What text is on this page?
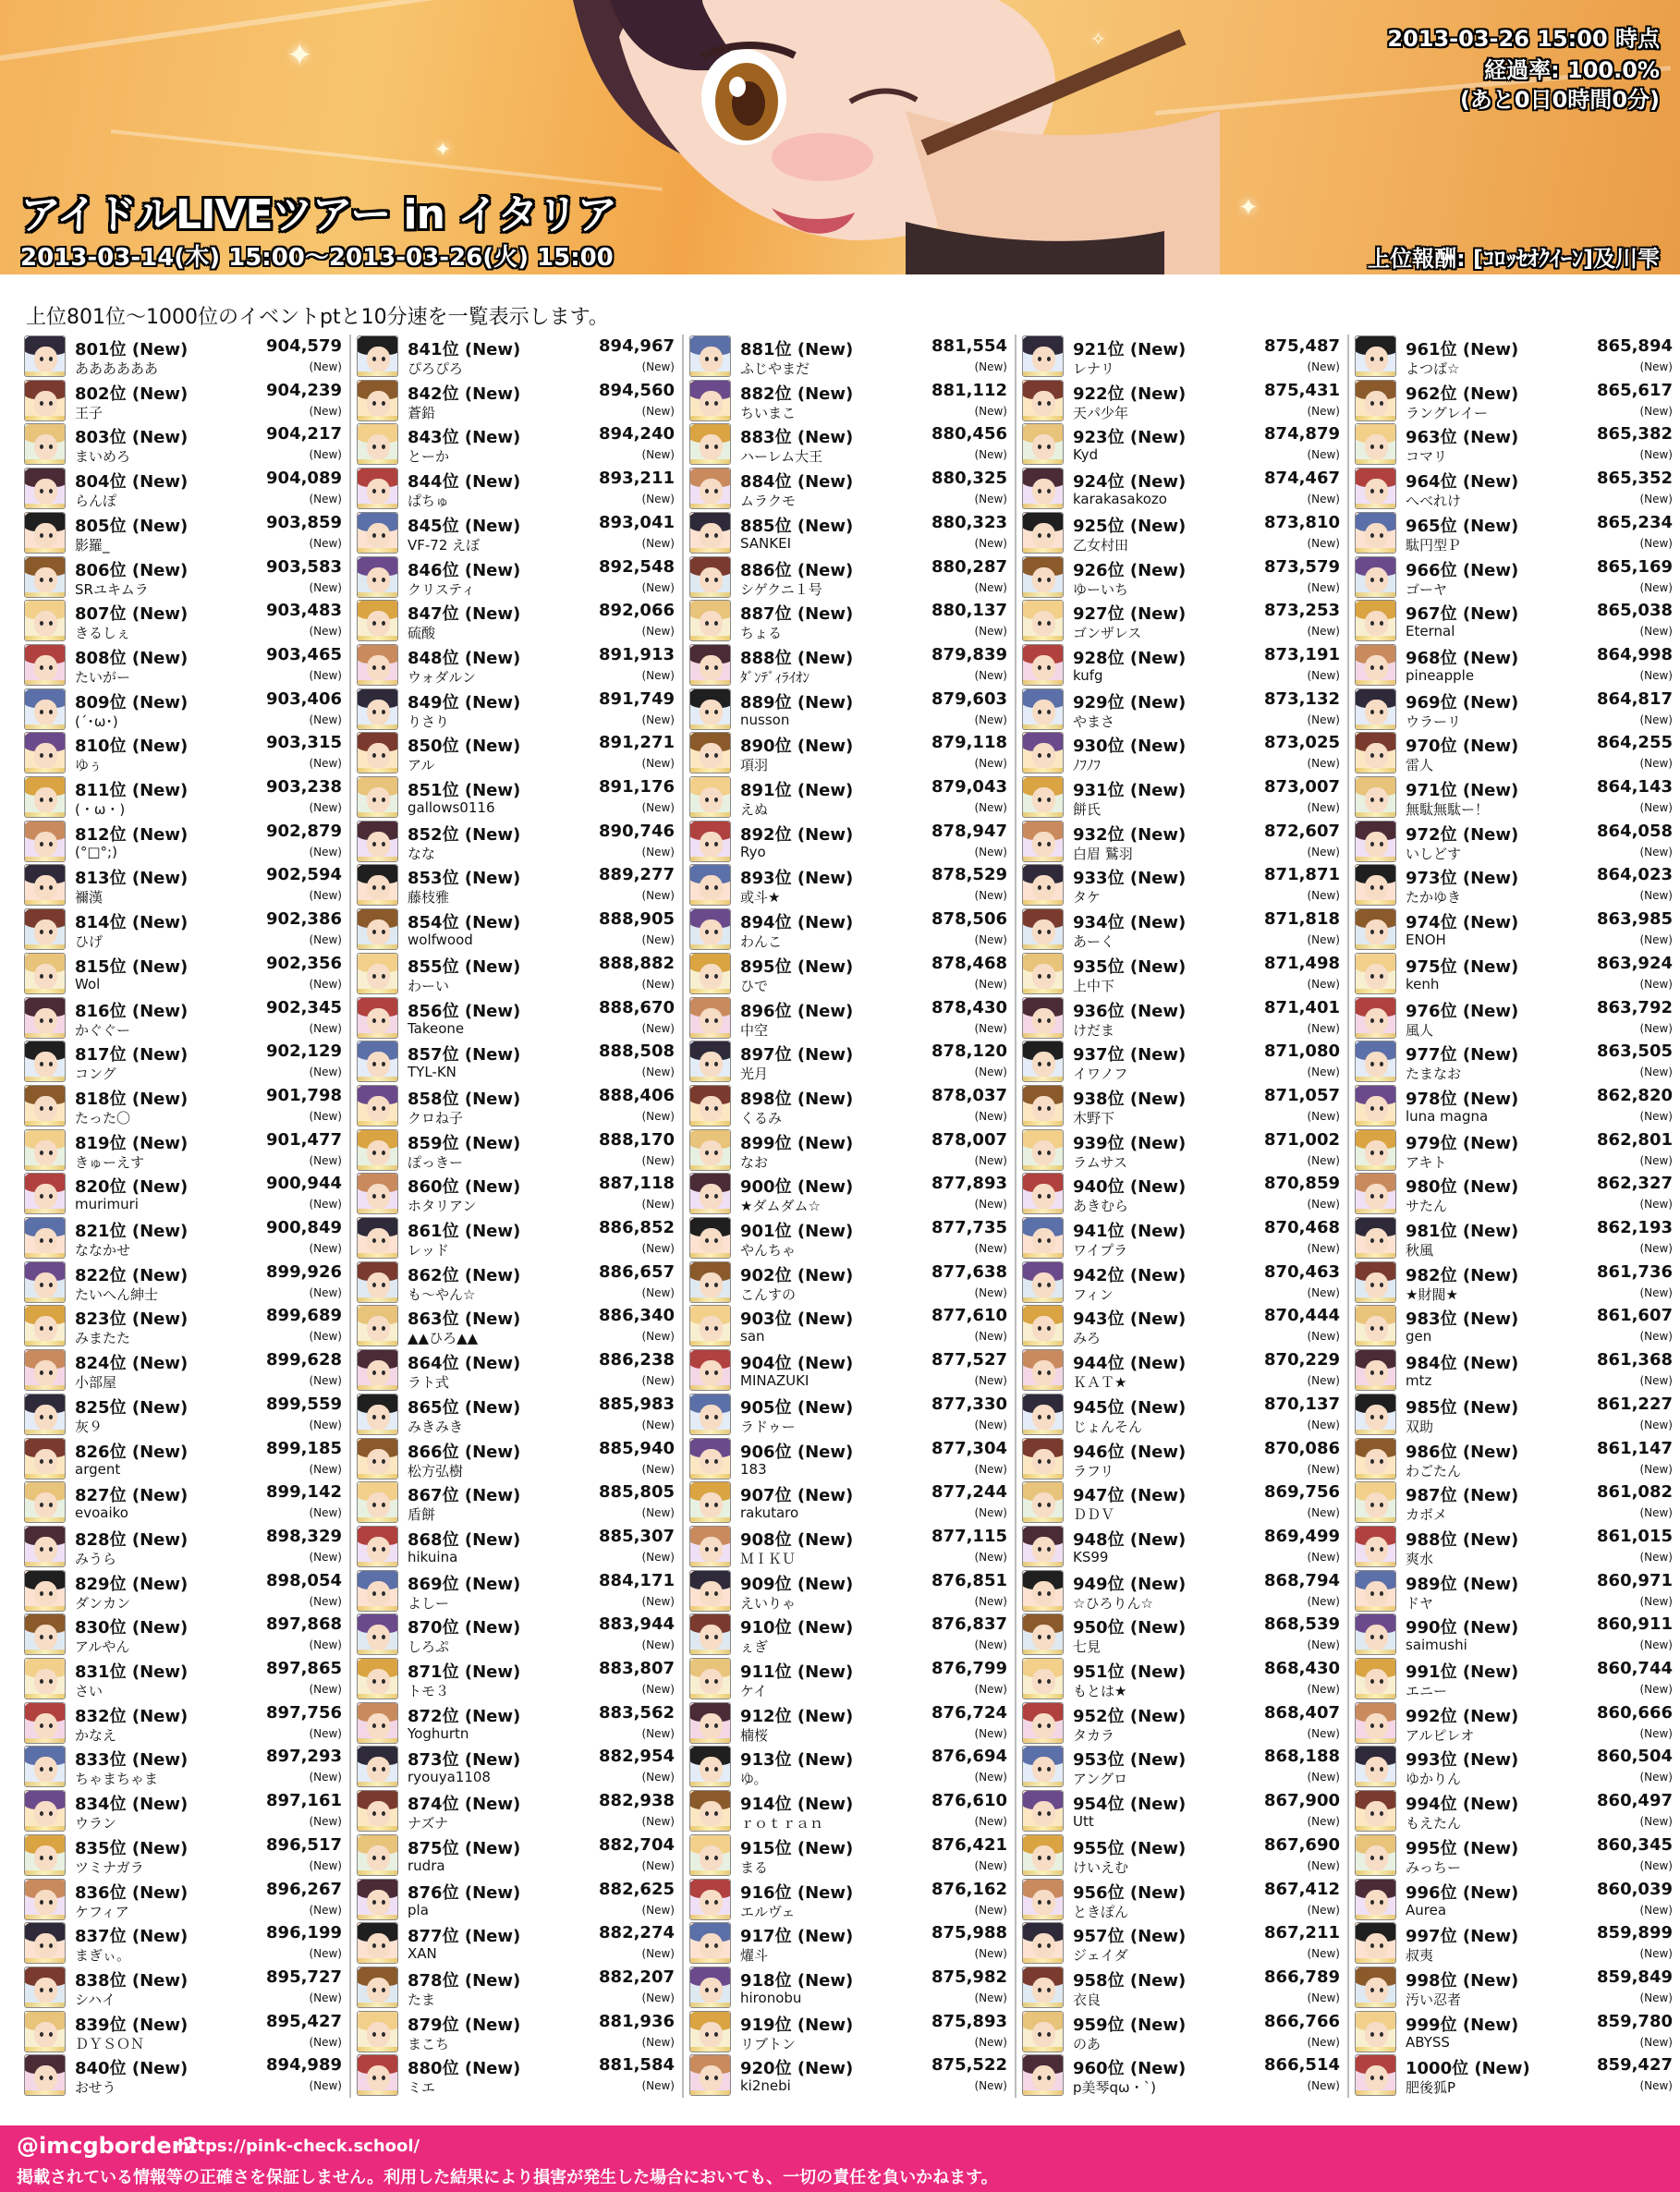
✦
✦
✦
✧
アイドルLIVEツアー in イタリア
2013-03-14(木) 15:00〜2013-03-26(火) 15:00
2013-03-26 15:00 時点
経過率: 100.0%
(あと0日0時間0分)
上位報酬: [ｺﾛｯｾｵｸｲｰﾝ]及川雫
上位801位〜1000位のイベントptと10分速を一覧表示します。
801位 (New)	904,579
ああああああ	(New)
802位 (New)	904,239
王子	(New)
803位 (New)	904,217
まいめろ	(New)
804位 (New)	904,089
らんぽ	(New)
805位 (New)	903,859
影羅_	(New)
806位 (New)	903,583
SRユキムラ	(New)
807位 (New)	903,483
きるしぇ	(New)
808位 (New)	903,465
たいがー	(New)
809位 (New)	903,406
(´･ω･)	(New)
810位 (New)	903,315
ゆぅ	(New)
811位 (New)	903,238
(・ω・)	(New)
812位 (New)	902,879
(°□°;)	(New)
813位 (New)	902,594
禰漢	(New)
814位 (New)	902,386
ひげ	(New)
815位 (New)	902,356
Wol	(New)
816位 (New)	902,345
かぐぐー	(New)
817位 (New)	902,129
コング	(New)
818位 (New)	901,798
たった〇	(New)
819位 (New)	901,477
きゅーえす	(New)
820位 (New)	900,944
murimuri	(New)
821位 (New)	900,849
ななかせ	(New)
822位 (New)	899,926
たいへん紳士	(New)
823位 (New)	899,689
みまたた	(New)
824位 (New)	899,628
小部屋	(New)
825位 (New)	899,559
灰９	(New)
826位 (New)	899,185
argent	(New)
827位 (New)	899,142
evoaiko	(New)
828位 (New)	898,329
みうら	(New)
829位 (New)	898,054
ダンカン	(New)
830位 (New)	897,868
アルやん	(New)
831位 (New)	897,865
さい	(New)
832位 (New)	897,756
かなえ	(New)
833位 (New)	897,293
ちゃまちゃま	(New)
834位 (New)	897,161
ウラン	(New)
835位 (New)	896,517
ツミナガラ	(New)
836位 (New)	896,267
ケフィア	(New)
837位 (New)	896,199
まぎぃ。	(New)
838位 (New)	895,727
シハイ	(New)
839位 (New)	895,427
ＤＹＳＯＮ	(New)
840位 (New)	894,989
おせう	(New)
841位 (New)	894,967
ぴろぴろ	(New)
842位 (New)	894,560
蒼鉛	(New)
843位 (New)	894,240
とーか	(New)
844位 (New)	893,211
ぱちゅ	(New)
845位 (New)	893,041
VF-72 えぼ	(New)
846位 (New)	892,548
クリスティ	(New)
847位 (New)	892,066
硫酸	(New)
848位 (New)	891,913
ウォダルン	(New)
849位 (New)	891,749
りさり	(New)
850位 (New)	891,271
アル	(New)
851位 (New)	891,176
gallows0116	(New)
852位 (New)	890,746
なな	(New)
853位 (New)	889,277
藤枝雅	(New)
854位 (New)	888,905
wolfwood	(New)
855位 (New)	888,882
わーい	(New)
856位 (New)	888,670
Takeone	(New)
857位 (New)	888,508
TYL-KN	(New)
858位 (New)	888,406
クロね子	(New)
859位 (New)	888,170
ぽっきー	(New)
860位 (New)	887,118
ホタリアン	(New)
861位 (New)	886,852
レッド	(New)
862位 (New)	886,657
も〜やん☆	(New)
863位 (New)	886,340
▲▲ひろ▲▲	(New)
864位 (New)	886,238
ラト式	(New)
865位 (New)	885,983
みきみき	(New)
866位 (New)	885,940
松方弘樹	(New)
867位 (New)	885,805
盾餅	(New)
868位 (New)	885,307
hikuina	(New)
869位 (New)	884,171
よしー	(New)
870位 (New)	883,944
しろぷ	(New)
871位 (New)	883,807
トモ３	(New)
872位 (New)	883,562
Yoghurtn	(New)
873位 (New)	882,954
ryouya1108	(New)
874位 (New)	882,938
ナズナ	(New)
875位 (New)	882,704
rudra	(New)
876位 (New)	882,625
pla	(New)
877位 (New)	882,274
XAN	(New)
878位 (New)	882,207
たま	(New)
879位 (New)	881,936
まこち	(New)
880位 (New)	881,584
ミエ	(New)
881位 (New)	881,554
ふじやまだ	(New)
882位 (New)	881,112
ちいまこ	(New)
883位 (New)	880,456
ハーレム大王	(New)
884位 (New)	880,325
ムラクモ	(New)
885位 (New)	880,323
SANKEI	(New)
886位 (New)	880,287
シゲクニ１号	(New)
887位 (New)	880,137
ちょる	(New)
888位 (New)	879,839
ﾀﾞﾝﾃﾞｨﾗｲｵﾝ	(New)
889位 (New)	879,603
nusson	(New)
890位 (New)	879,118
項羽	(New)
891位 (New)	879,043
えぬ	(New)
892位 (New)	878,947
Ryo	(New)
893位 (New)	878,529
或斗★	(New)
894位 (New)	878,506
わんこ	(New)
895位 (New)	878,468
ひで	(New)
896位 (New)	878,430
中空	(New)
897位 (New)	878,120
光月	(New)
898位 (New)	878,037
くるみ	(New)
899位 (New)	878,007
なお	(New)
900位 (New)	877,893
★ダムダム☆	(New)
901位 (New)	877,735
やんちゃ	(New)
902位 (New)	877,638
こんすの	(New)
903位 (New)	877,610
san	(New)
904位 (New)	877,527
MINAZUKI	(New)
905位 (New)	877,330
ラドゥー	(New)
906位 (New)	877,304
183	(New)
907位 (New)	877,244
rakutaro	(New)
908位 (New)	877,115
ＭＩＫＵ	(New)
909位 (New)	876,851
えいりゃ	(New)
910位 (New)	876,837
ぇぎ	(New)
911位 (New)	876,799
ケイ	(New)
912位 (New)	876,724
楠桜	(New)
913位 (New)	876,694
ゆ。	(New)
914位 (New)	876,610
ｒｏｔｒａｎ	(New)
915位 (New)	876,421
まる	(New)
916位 (New)	876,162
エルヴェ	(New)
917位 (New)	875,988
燿斗	(New)
918位 (New)	875,982
hironobu	(New)
919位 (New)	875,893
リブトン	(New)
920位 (New)	875,522
ki2nebi	(New)
921位 (New)	875,487
レナリ	(New)
922位 (New)	875,431
天パ少年	(New)
923位 (New)	874,879
Kyd	(New)
924位 (New)	874,467
karakasakozo	(New)
925位 (New)	873,810
乙女村田	(New)
926位 (New)	873,579
ゆーいち	(New)
927位 (New)	873,253
ゴンザレス	(New)
928位 (New)	873,191
kufg	(New)
929位 (New)	873,132
やまさ	(New)
930位 (New)	873,025
ﾉﾌﾉﾌ	(New)
931位 (New)	873,007
餅氏	(New)
932位 (New)	872,607
白眉 鷲羽	(New)
933位 (New)	871,871
タケ	(New)
934位 (New)	871,818
あーく	(New)
935位 (New)	871,498
上中下	(New)
936位 (New)	871,401
けだま	(New)
937位 (New)	871,080
イワノフ	(New)
938位 (New)	871,057
木野下	(New)
939位 (New)	871,002
ラムサス	(New)
940位 (New)	870,859
あきむら	(New)
941位 (New)	870,468
ワイプラ	(New)
942位 (New)	870,463
フィン	(New)
943位 (New)	870,444
みろ	(New)
944位 (New)	870,229
ＫＡＴ★	(New)
945位 (New)	870,137
じょんそん	(New)
946位 (New)	870,086
ラフリ	(New)
947位 (New)	869,756
ＤＤＶ	(New)
948位 (New)	869,499
KS99	(New)
949位 (New)	868,794
☆ひろりん☆	(New)
950位 (New)	868,539
七見	(New)
951位 (New)	868,430
もとは★	(New)
952位 (New)	868,407
タカラ	(New)
953位 (New)	868,188
アングロ	(New)
954位 (New)	867,900
Utt	(New)
955位 (New)	867,690
けいえむ	(New)
956位 (New)	867,412
ときぽん	(New)
957位 (New)	867,211
ジェイダ	(New)
958位 (New)	866,789
衣良	(New)
959位 (New)	866,766
のあ	(New)
960位 (New)	866,514
p美琴qω・`)	(New)
961位 (New)	865,894
よつば☆	(New)
962位 (New)	865,617
ラングレイー	(New)
963位 (New)	865,382
コマリ	(New)
964位 (New)	865,352
へべれけ	(New)
965位 (New)	865,234
駄円型Ｐ	(New)
966位 (New)	865,169
ゴーヤ	(New)
967位 (New)	865,038
Eternal	(New)
968位 (New)	864,998
pineapple	(New)
969位 (New)	864,817
ウラーリ	(New)
970位 (New)	864,255
雷人	(New)
971位 (New)	864,143
無駄無駄ー！	(New)
972位 (New)	864,058
いしどす	(New)
973位 (New)	864,023
たかゆき	(New)
974位 (New)	863,985
ENOH	(New)
975位 (New)	863,924
kenh	(New)
976位 (New)	863,792
風人	(New)
977位 (New)	863,505
たまなお	(New)
978位 (New)	862,820
luna magna	(New)
979位 (New)	862,801
アキト	(New)
980位 (New)	862,327
サたん	(New)
981位 (New)	862,193
秋風	(New)
982位 (New)	861,736
★財閥★	(New)
983位 (New)	861,607
gen	(New)
984位 (New)	861,368
mtz	(New)
985位 (New)	861,227
双助	(New)
986位 (New)	861,147
わごたん	(New)
987位 (New)	861,082
カボメ	(New)
988位 (New)	861,015
爽水	(New)
989位 (New)	860,971
ドヤ	(New)
990位 (New)	860,911
saimushi	(New)
991位 (New)	860,744
エニー	(New)
992位 (New)	860,666
アルピレオ	(New)
993位 (New)	860,504
ゆかりん	(New)
994位 (New)	860,497
もえたん	(New)
995位 (New)	860,345
みっちー	(New)
996位 (New)	860,039
Aurea	(New)
997位 (New)	859,899
叔夷	(New)
998位 (New)	859,849
汚い忍者	(New)
999位 (New)	859,780
ABYSS	(New)
1000位 (New)	859,427
肥後狐P	(New)
@imcgborder2
https://pink-check.school/
掲載されている情報等の正確さを保証しません。利用した結果により損害が発生した場合においても、一切の責任を負いかねます。
